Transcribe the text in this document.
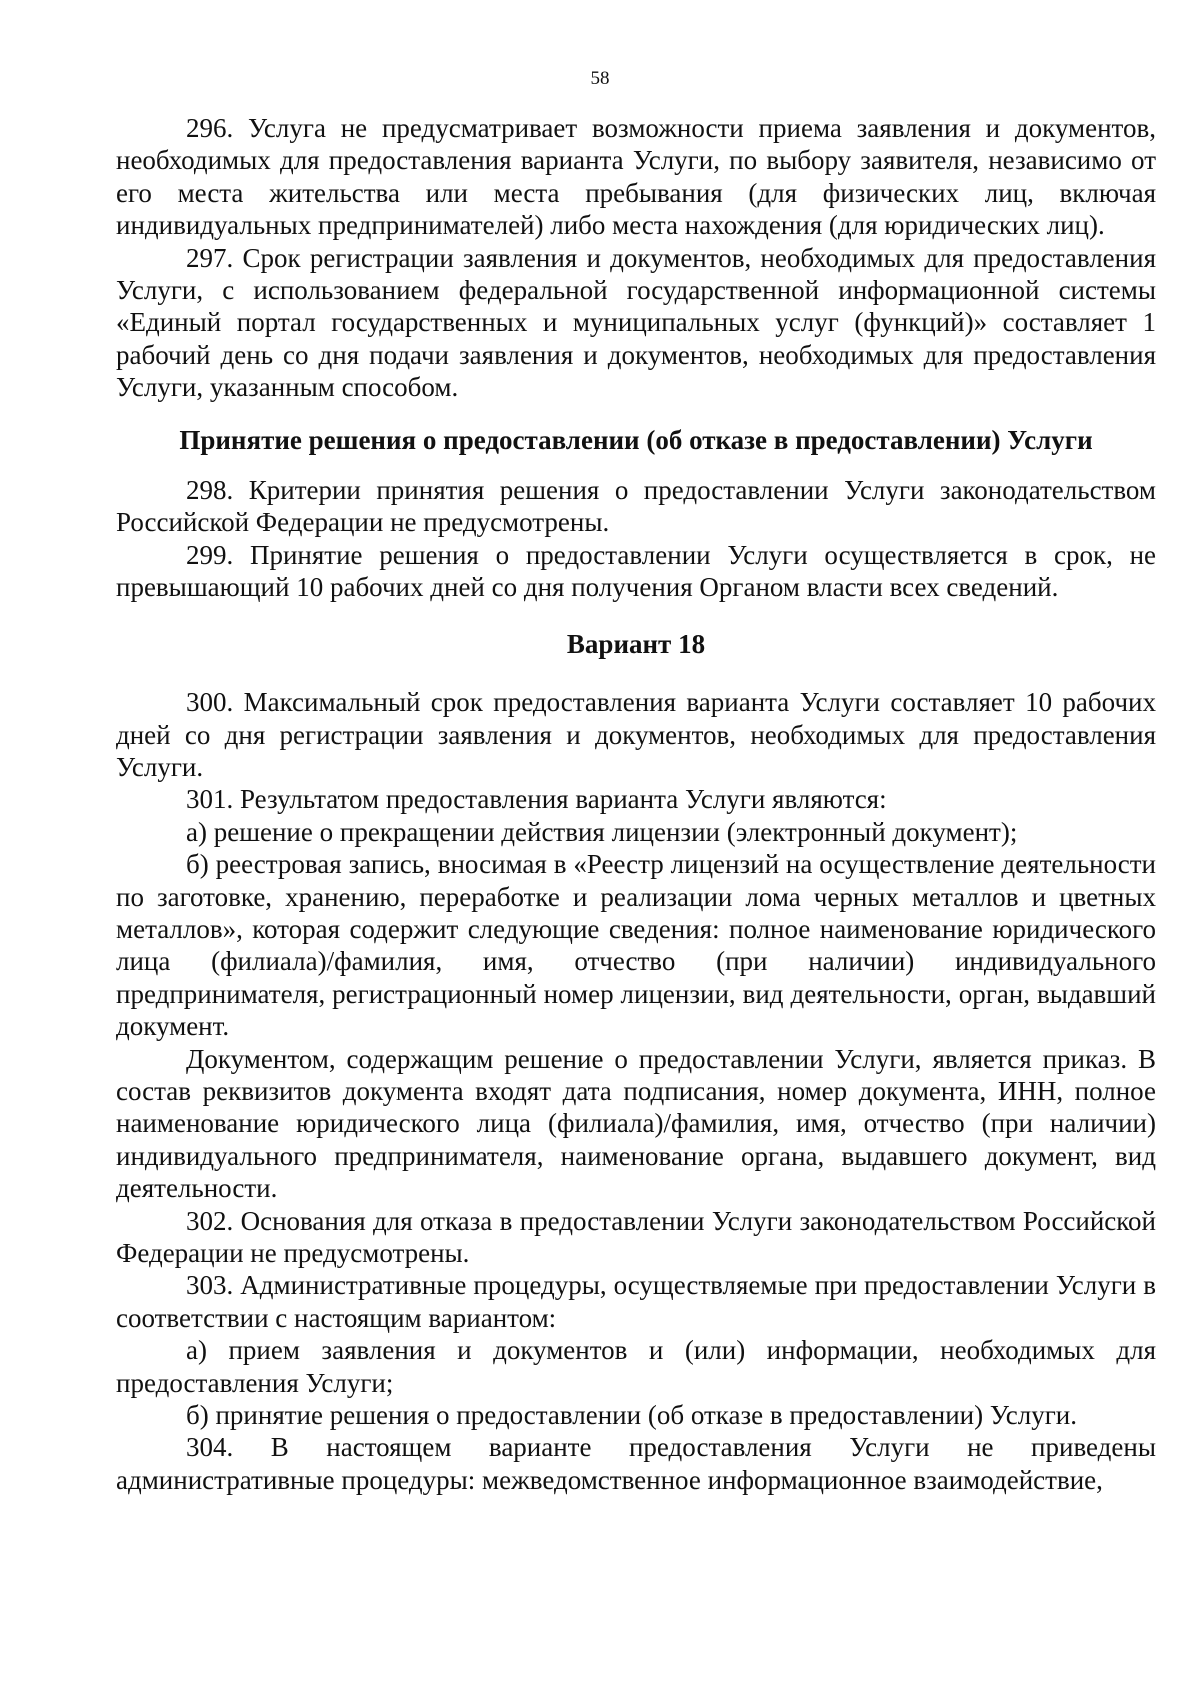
58

296. Услуга не предусматривает возможности приема заявления и документов, необходимых для предоставления варианта Услуги, по выбору заявителя, независимо от его места жительства или места пребывания (для физических лиц, включая индивидуальных предпринимателей) либо места нахождения (для юридических лиц).

297. Срок регистрации заявления и документов, необходимых для предоставления Услуги, с использованием федеральной государственной информационной системы «Единый портал государственных и муниципальных услуг (функций)» составляет 1 рабочий день со дня подачи заявления и документов, необходимых для предоставления Услуги, указанным способом.

Принятие решения о предоставлении (об отказе в предоставлении) Услуги

298. Критерии принятия решения о предоставлении Услуги законодательством Российской Федерации не предусмотрены.

299. Принятие решения о предоставлении Услуги осуществляется в срок, не превышающий 10 рабочих дней со дня получения Органом власти всех сведений.

Вариант 18

300. Максимальный срок предоставления варианта Услуги составляет 10 рабочих дней со дня регистрации заявления и документов, необходимых для предоставления Услуги.

301. Результатом предоставления варианта Услуги являются:

а) решение о прекращении действия лицензии (электронный документ);

б) реестровая запись, вносимая в «Реестр лицензий на осуществление деятельности по заготовке, хранению, переработке и реализации лома черных металлов и цветных металлов», которая содержит следующие сведения: полное наименование юридического лица (филиала)/фамилия, имя, отчество (при наличии) индивидуального предпринимателя, регистрационный номер лицензии, вид деятельности, орган, выдавший документ.

Документом, содержащим решение о предоставлении Услуги, является приказ. В состав реквизитов документа входят дата подписания, номер документа, ИНН, полное наименование юридического лица (филиала)/фамилия, имя, отчество (при наличии) индивидуального предпринимателя, наименование органа, выдавшего документ, вид деятельности.

302. Основания для отказа в предоставлении Услуги законодательством Российской Федерации не предусмотрены.

303. Административные процедуры, осуществляемые при предоставлении Услуги в соответствии с настоящим вариантом:

а) прием заявления и документов и (или) информации, необходимых для предоставления Услуги;

б) принятие решения о предоставлении (об отказе в предоставлении) Услуги.

304. В настоящем варианте предоставления Услуги не приведены административные процедуры: межведомственное информационное взаимодействие,
